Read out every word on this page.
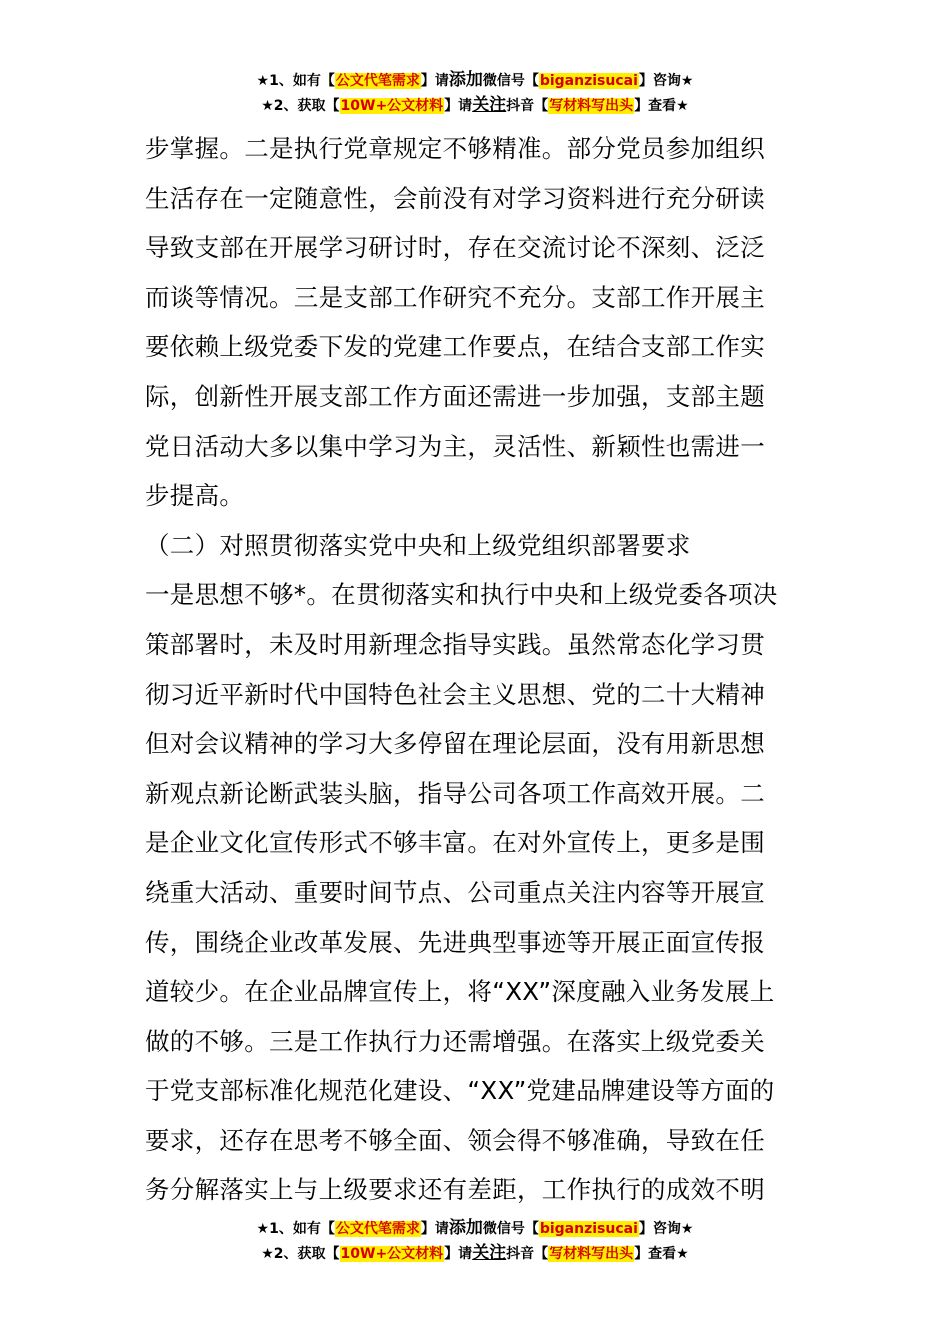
★1、如有【公文代笔需求】请添加微信号【biganzisucai】咨询★
★2、获取【10W+公文材料】请关注抖音【写材料写出头】查看★

步掌握。二是执行党章规定不够精准。部分党员参加组织

生活存在一定随意性，会前没有对学习资料进行充分研读

导致支部在开展学习研讨时，存在交流讨论不深刻、泛泛

而谈等情况。三是支部工作研究不充分。支部工作开展主

要依赖上级党委下发的党建工作要点，在结合支部工作实

际，创新性开展支部工作方面还需进一步加强，支部主题

党日活动大多以集中学习为主，灵活性、新颖性也需进一

步提高。

（二）对照贯彻落实党中央和上级党组织部署要求

一是思想不够*。在贯彻落实和执行中央和上级党委各项决

策部署时，未及时用新理念指导实践。虽然常态化学习贯

彻习近平新时代中国特色社会主义思想、党的二十大精神

但对会议精神的学习大多停留在理论层面，没有用新思想

新观点新论断武装头脑，指导公司各项工作高效开展。二

是企业文化宣传形式不够丰富。在对外宣传上，更多是围

绕重大活动、重要时间节点、公司重点关注内容等开展宣

传，围绕企业改革发展、先进典型事迹等开展正面宣传报

道较少。在企业品牌宣传上，将“XX”深度融入业务发展上

做的不够。三是工作执行力还需增强。在落实上级党委关

于党支部标准化规范化建设、“XX”党建品牌建设等方面的

要求，还存在思考不够全面、领会得不够准确，导致在任

务分解落实上与上级要求还有差距，工作执行的成效不明

★1、如有【公文代笔需求】请添加微信号【biganzisucai】咨询★
★2、获取【10W+公文材料】请关注抖音【写材料写出头】查看★
